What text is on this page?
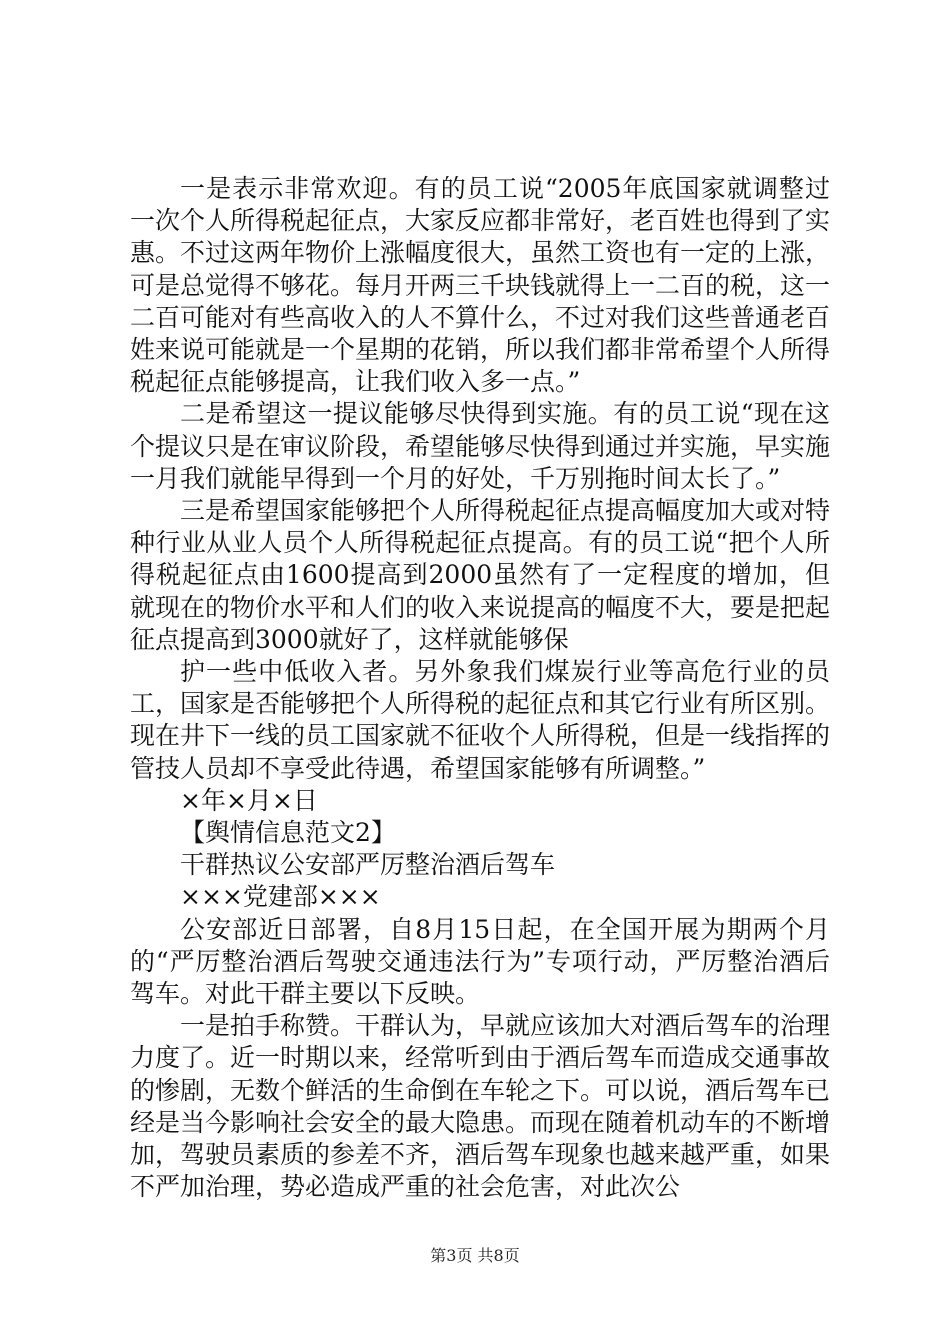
一是表示非常欢迎。有的员工说“2005年底国家就调整过一次个人所得税起征点，大家反应都非常好，老百姓也得到了实惠。不过这两年物价上涨幅度很大，虽然工资也有一定的上涨，可是总觉得不够花。每月开两三千块钱就得上一二百的税，这一二百可能对有些高收入的人不算什么，不过对我们这些普通老百姓来说可能就是一个星期的花销，所以我们都非常希望个人所得税起征点能够提高，让我们收入多一点。”

二是希望这一提议能够尽快得到实施。有的员工说“现在这个提议只是在审议阶段，希望能够尽快得到通过并实施，早实施一月我们就能早得到一个月的好处，千万别拖时间太长了。”

三是希望国家能够把个人所得税起征点提高幅度加大或对特种行业从业人员个人所得税起征点提高。有的员工说“把个人所得税起征点由1600提高到2000虽然有了一定程度的增加，但就现在的物价水平和人们的收入来说提高的幅度不大，要是把起征点提高到3000就好了，这样就能够保

护一些中低收入者。另外象我们煤炭行业等高危行业的员工，国家是否能够把个人所得税的起征点和其它行业有所区别。现在井下一线的员工国家就不征收个人所得税，但是一线指挥的管技人员却不享受此待遇，希望国家能够有所调整。”

×年×月×日

【舆情信息范文2】

干群热议公安部严厉整治酒后驾车

×××党建部×××

公安部近日部署，自8月15日起，在全国开展为期两个月的“严厉整治酒后驾驶交通违法行为”专项行动，严厉整治酒后驾车。对此干群主要以下反映。

一是拍手称赞。干群认为，早就应该加大对酒后驾车的治理力度了。近一时期以来，经常听到由于酒后驾车而造成交通事故的惨剧，无数个鲜活的生命倒在车轮之下。可以说，酒后驾车已经是当今影响社会安全的最大隐患。而现在随着机动车的不断增加，驾驶员素质的参差不齐，酒后驾车现象也越来越严重，如果不严加治理，势必造成严重的社会危害，对此次公

第3页 共8页
